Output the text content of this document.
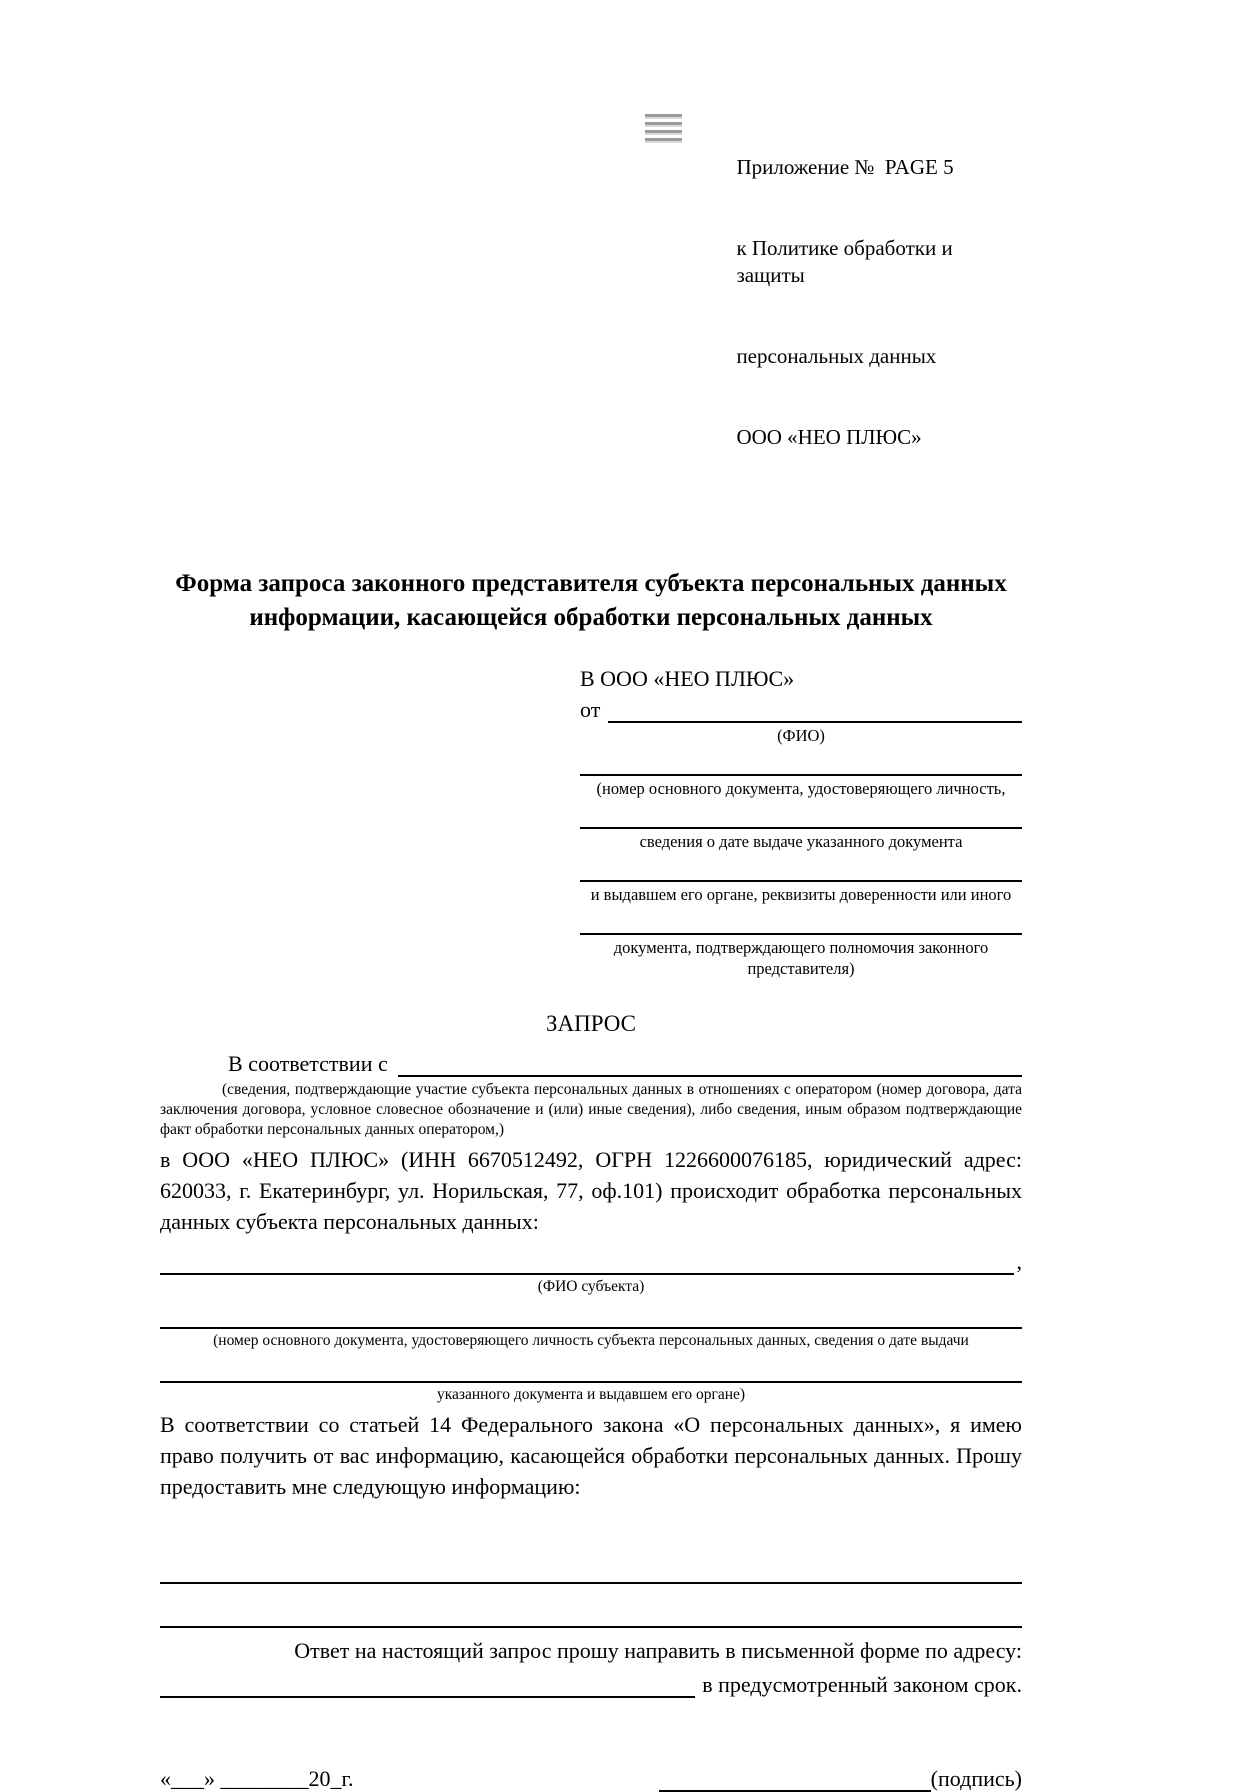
Приложение №  PAGE 5

к Политике обработки и защиты

персональных данных

ООО «НЕО ПЛЮС»

Форма запроса законного представителя субъекта персональных данных
информации, касающейся обработки персональных данных
В ООО «НЕО ПЛЮС»
от
(ФИО)
(номер основного документа, удостоверяющего личность,
сведения о дате выдаче указанного документа
и выдавшем его органе, реквизиты доверенности или иного
документа, подтверждающего полномочия законного представителя)
ЗАПРОС
В соответствии с
(сведения, подтверждающие участие субъекта персональных данных в отношениях с оператором (номер договора, дата заключения договора, условное словесное обозначение и (или) иные сведения), либо сведения, иным образом подтверждающие факт обработки персональных данных оператором,)
в ООО «НЕО ПЛЮС» (ИНН 6670512492, ОГРН 1226600076185, юридический адрес: 620033, г. Екатеринбург, ул. Норильская, 77, оф.101) происходит обработка персональных данных субъекта персональных данных:
,
(ФИО субъекта)
(номер основного документа, удостоверяющего личность субъекта персональных данных, сведения о дате выдачи
указанного документа и выдавшем его органе)
В соответствии со статьей 14 Федерального закона «О персональных данных», я имею право получить от вас информацию, касающейся обработки персональных данных. Прошу предоставить мне следующую информацию:
Ответ на настоящий запрос прошу направить в письменной форме по адресу:
в предусмотренный законом срок.
«___» ________20_г.	(подпись)
